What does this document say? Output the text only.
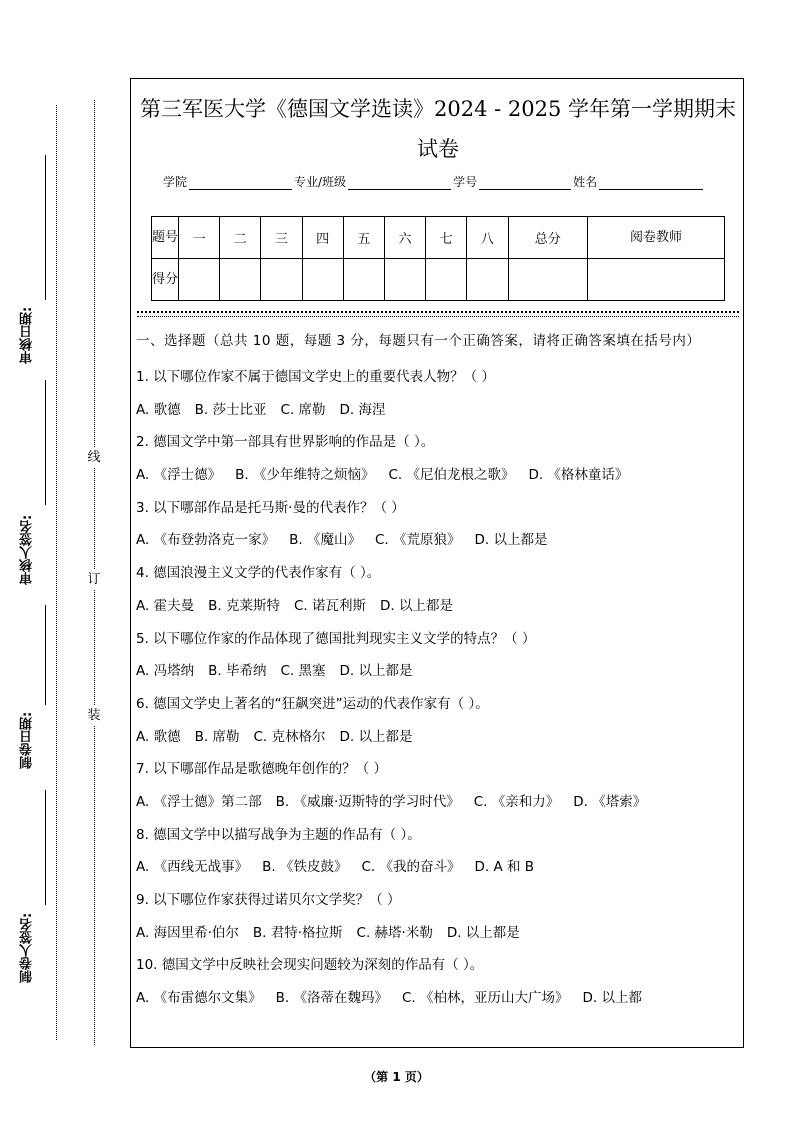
审核日期:
审核人签名:
制卷日期:
制卷人签名:
线
订
装
第三军医大学《德国文学选读》2024 - 2025 学年第一学期期末试卷
学院	专业/班级	学号	姓名
题号	一	二	三	四	五	六	七	八	总分	阅卷教师
得分										
一、选择题（总共 10 题，每题 3 分，每题只有一个正确答案，请将正确答案填在括号内）
1. 以下哪位作家不属于德国文学史上的重要代表人物？（ ）
A. 歌德 B. 莎士比亚 C. 席勒 D. 海涅
2. 德国文学中第一部具有世界影响的作品是（ ）。
A. 《浮士德》 B. 《少年维特之烦恼》 C. 《尼伯龙根之歌》 D. 《格林童话》
3. 以下哪部作品是托马斯·曼的代表作？（ ）
A. 《布登勃洛克一家》 B. 《魔山》 C. 《荒原狼》 D. 以上都是
4. 德国浪漫主义文学的代表作家有（ ）。
A. 霍夫曼 B. 克莱斯特 C. 诺瓦利斯 D. 以上都是
5. 以下哪位作家的作品体现了德国批判现实主义文学的特点？（ ）
A. 冯塔纳 B. 毕希纳 C. 黑塞 D. 以上都是
6. 德国文学史上著名的“狂飙突进”运动的代表作家有（ ）。
A. 歌德 B. 席勒 C. 克林格尔 D. 以上都是
7. 以下哪部作品是歌德晚年创作的？（ ）
A. 《浮士德》第二部 B. 《威廉·迈斯特的学习时代》 C. 《亲和力》 D. 《塔索》
8. 德国文学中以描写战争为主题的作品有（ ）。
A. 《西线无战事》 B. 《铁皮鼓》 C. 《我的奋斗》 D. A 和 B
9. 以下哪位作家获得过诺贝尔文学奖？（ ）
A. 海因里希·伯尔 B. 君特·格拉斯 C. 赫塔·米勒 D. 以上都是
10. 德国文学中反映社会现实问题较为深刻的作品有（ ）。
A. 《布雷德尔文集》 B. 《洛蒂在魏玛》 C. 《柏林，亚历山大广场》 D. 以上都
（第 1 页）
